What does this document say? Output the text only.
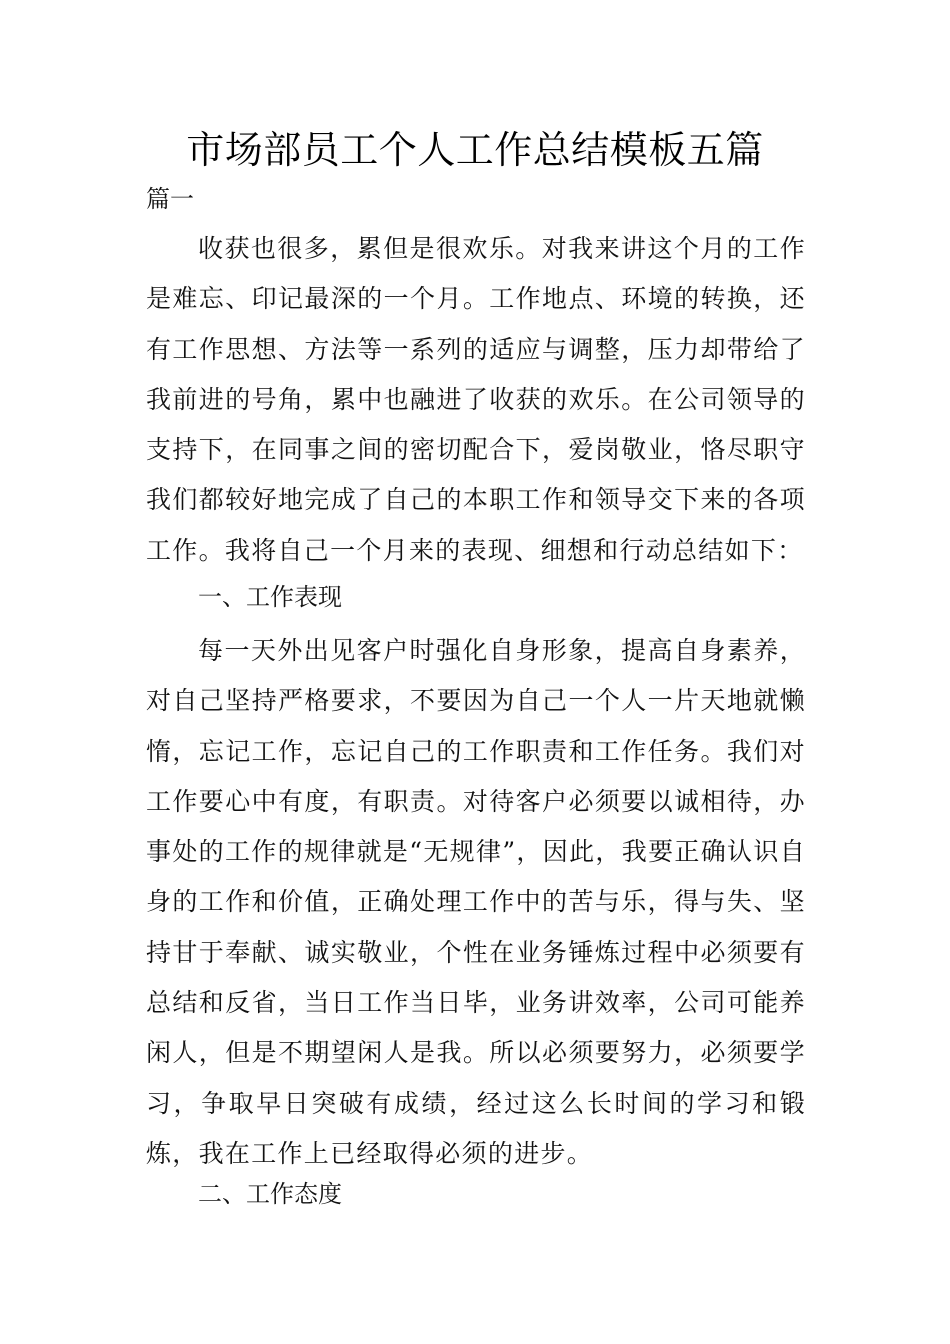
市场部员工个人工作总结模板五篇

篇一

收获也很多，累但是很欢乐。对我来讲这个月的工作是难忘、印记最深的一个月。工作地点、环境的转换，还有工作思想、方法等一系列的适应与调整，压力却带给了我前进的号角，累中也融进了收获的欢乐。在公司领导的支持下，在同事之间的密切配合下，爱岗敬业，恪尽职守我们都较好地完成了自己的本职工作和领导交下来的各项工作。我将自己一个月来的表现、细想和行动总结如下：

一、工作表现

每一天外出见客户时强化自身形象，提高自身素养，对自己坚持严格要求，不要因为自己一个人一片天地就懒惰，忘记工作，忘记自己的工作职责和工作任务。我们对工作要心中有度，有职责。对待客户必须要以诚相待，办事处的工作的规律就是“无规律”，因此，我要正确认识自身的工作和价值，正确处理工作中的苦与乐，得与失、坚持甘于奉献、诚实敬业，个性在业务锤炼过程中必须要有总结和反省，当日工作当日毕，业务讲效率，公司可能养闲人，但是不期望闲人是我。所以必须要努力，必须要学习，争取早日突破有成绩，经过这么长时间的学习和锻炼，我在工作上已经取得必须的进步。

二、工作态度
